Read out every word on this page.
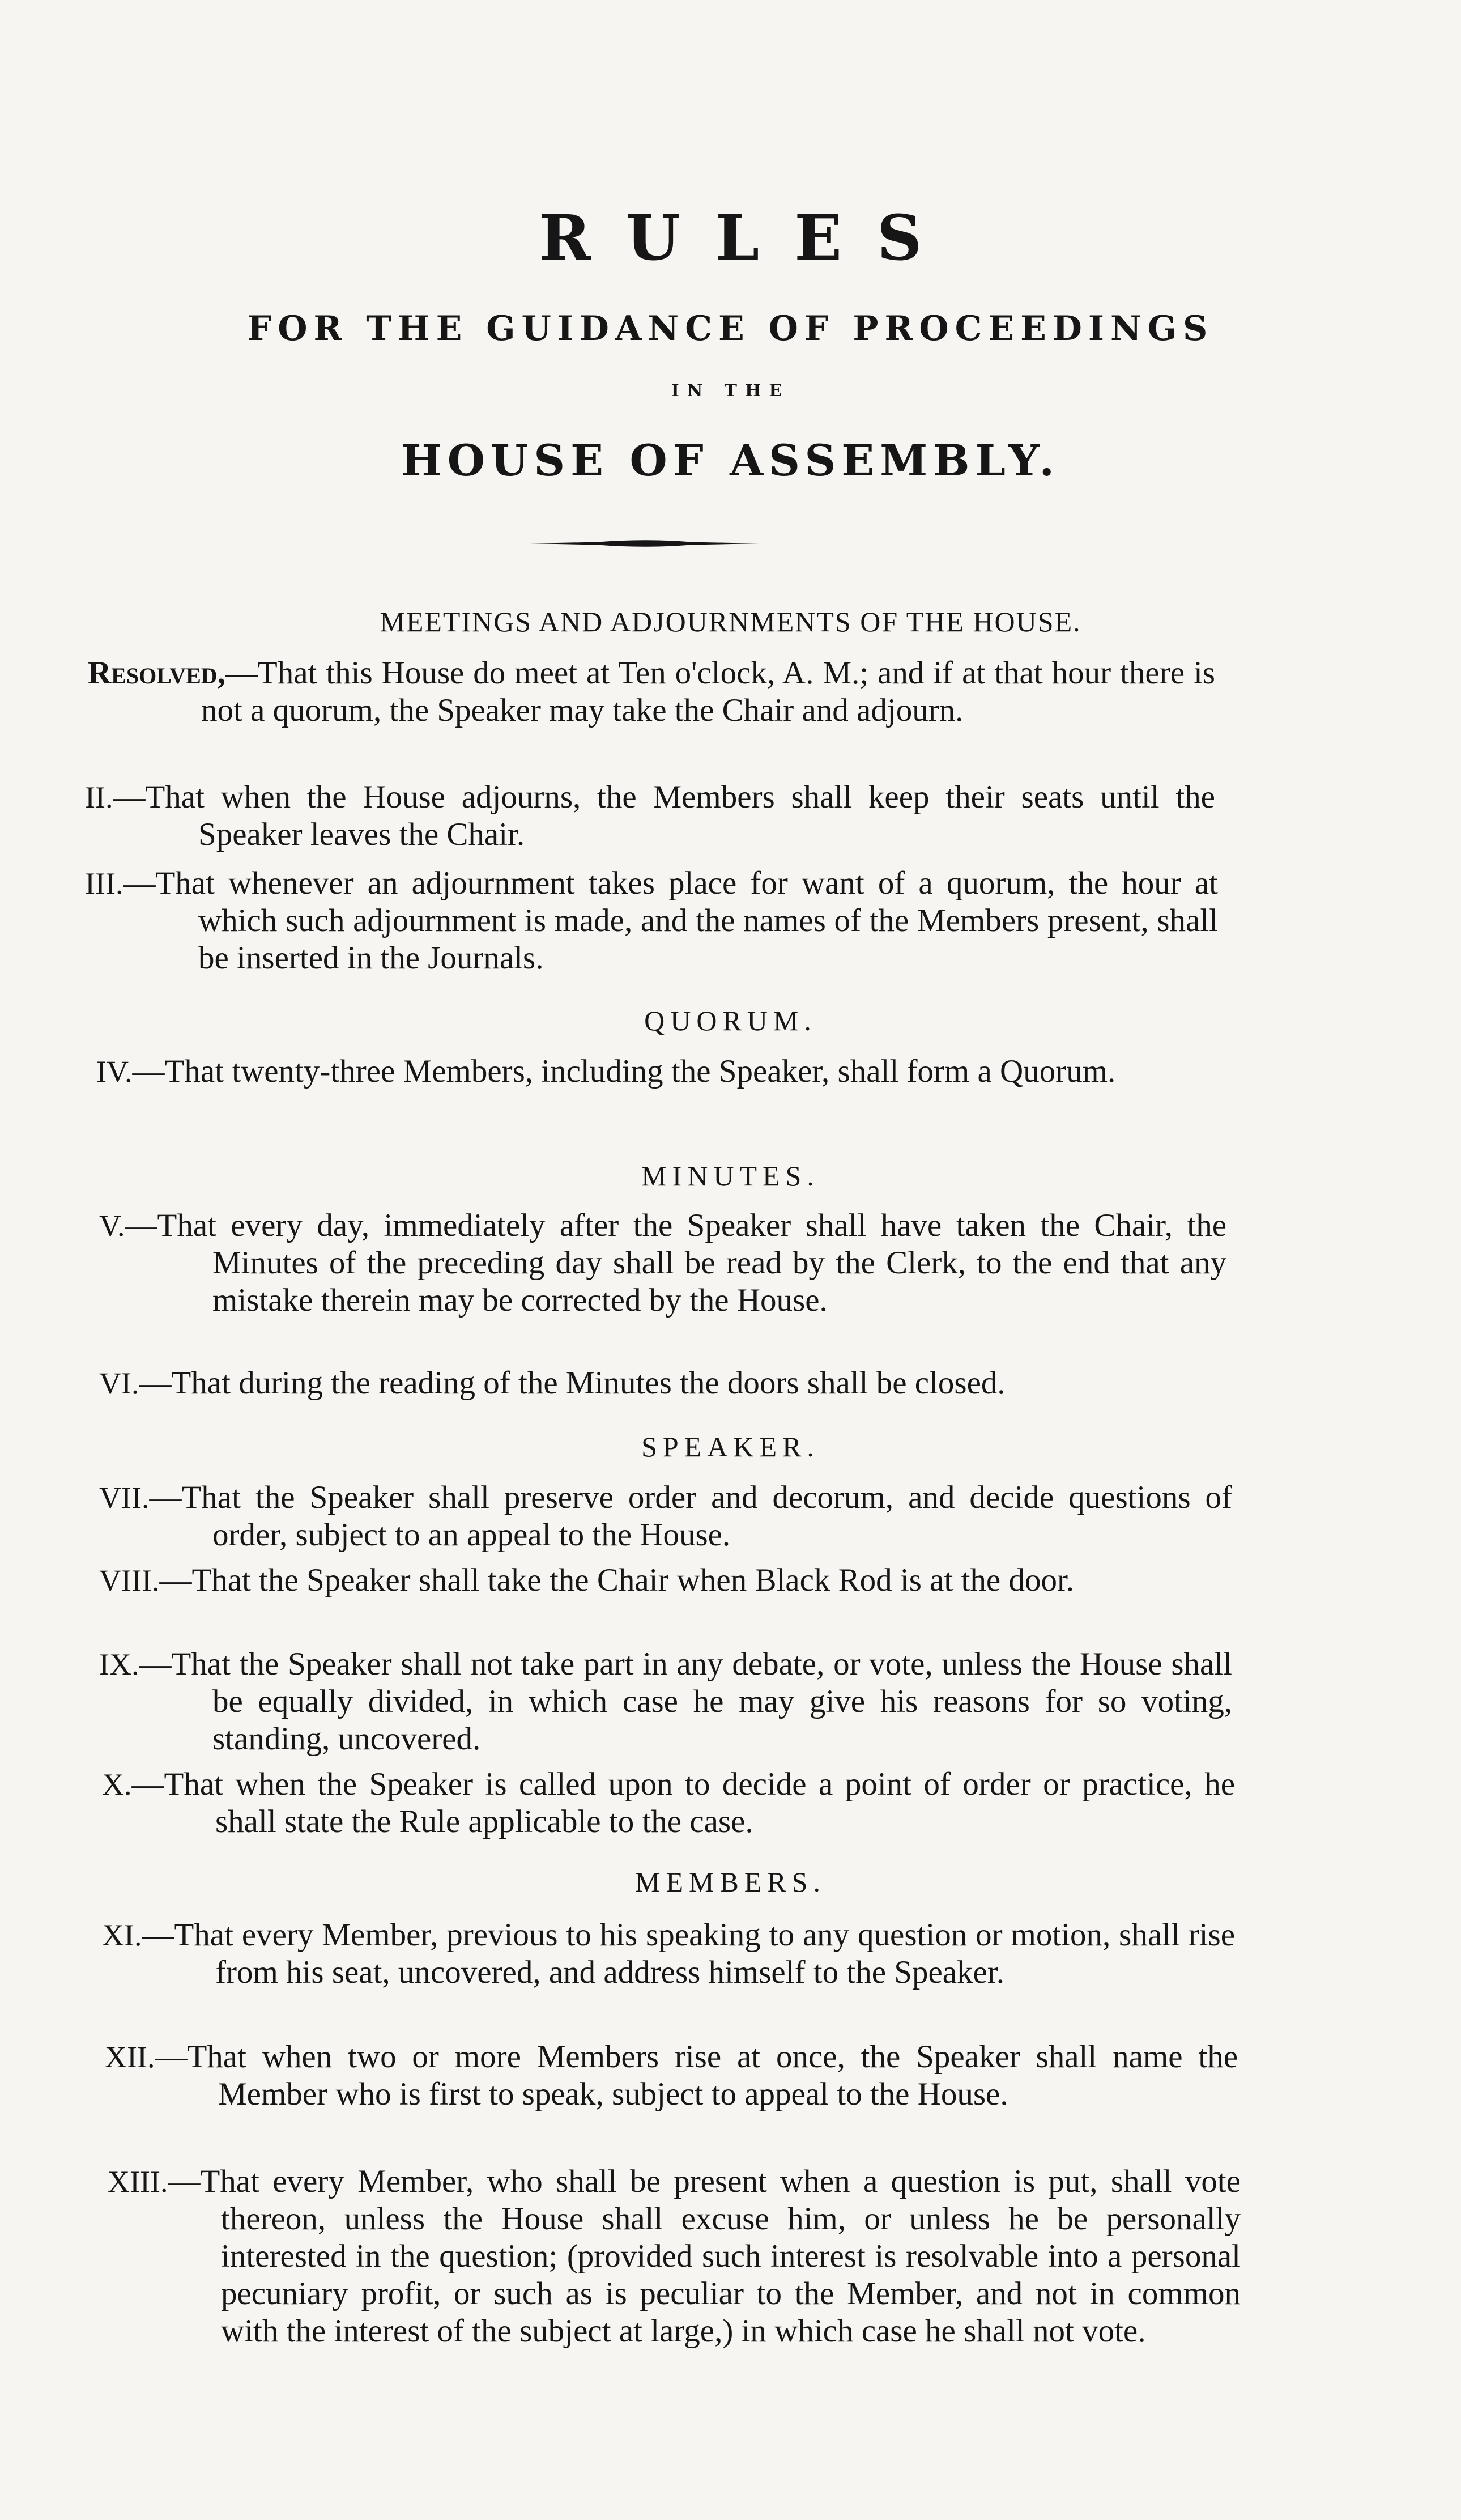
RULES
FOR THE GUIDANCE OF PROCEEDINGS
IN THE
HOUSE OF ASSEMBLY.
MEETINGS AND ADJOURNMENTS OF THE HOUSE.
Resolved,—That this House do meet at Ten o'clock, A. M.; and if at that hour there is not a quorum, the Speaker may take the Chair and adjourn.
II.—That when the House adjourns, the Members shall keep their seats until the Speaker leaves the Chair.
III.—That whenever an adjournment takes place for want of a quorum, the hour at which such adjournment is made, and the names of the Members present, shall be inserted in the Journals.
QUORUM.
IV.—That twenty-three Members, including the Speaker, shall form a Quorum.
MINUTES.
V.—That every day, immediately after the Speaker shall have taken the Chair, the Minutes of the preceding day shall be read by the Clerk, to the end that any mistake therein may be corrected by the House.
VI.—That during the reading of the Minutes the doors shall be closed.
SPEAKER.
VII.—That the Speaker shall preserve order and decorum, and decide questions of order, subject to an appeal to the House.
VIII.—That the Speaker shall take the Chair when Black Rod is at the door.
IX.—That the Speaker shall not take part in any debate, or vote, unless the House shall be equally divided, in which case he may give his reasons for so voting, standing, uncovered.
X.—That when the Speaker is called upon to decide a point of order or practice, he shall state the Rule applicable to the case.
MEMBERS.
XI.—That every Member, previous to his speaking to any question or motion, shall rise from his seat, uncovered, and address himself to the Speaker.
XII.—That when two or more Members rise at once, the Speaker shall name the Member who is first to speak, subject to appeal to the House.
XIII.—That every Member, who shall be present when a question is put, shall vote thereon, unless the House shall excuse him, or unless he be personally interested in the question; (provided such interest is resolvable into a personal pecuniary profit, or such as is peculiar to the Member, and not in common with the interest of the subject at large,) in which case he shall not vote.
